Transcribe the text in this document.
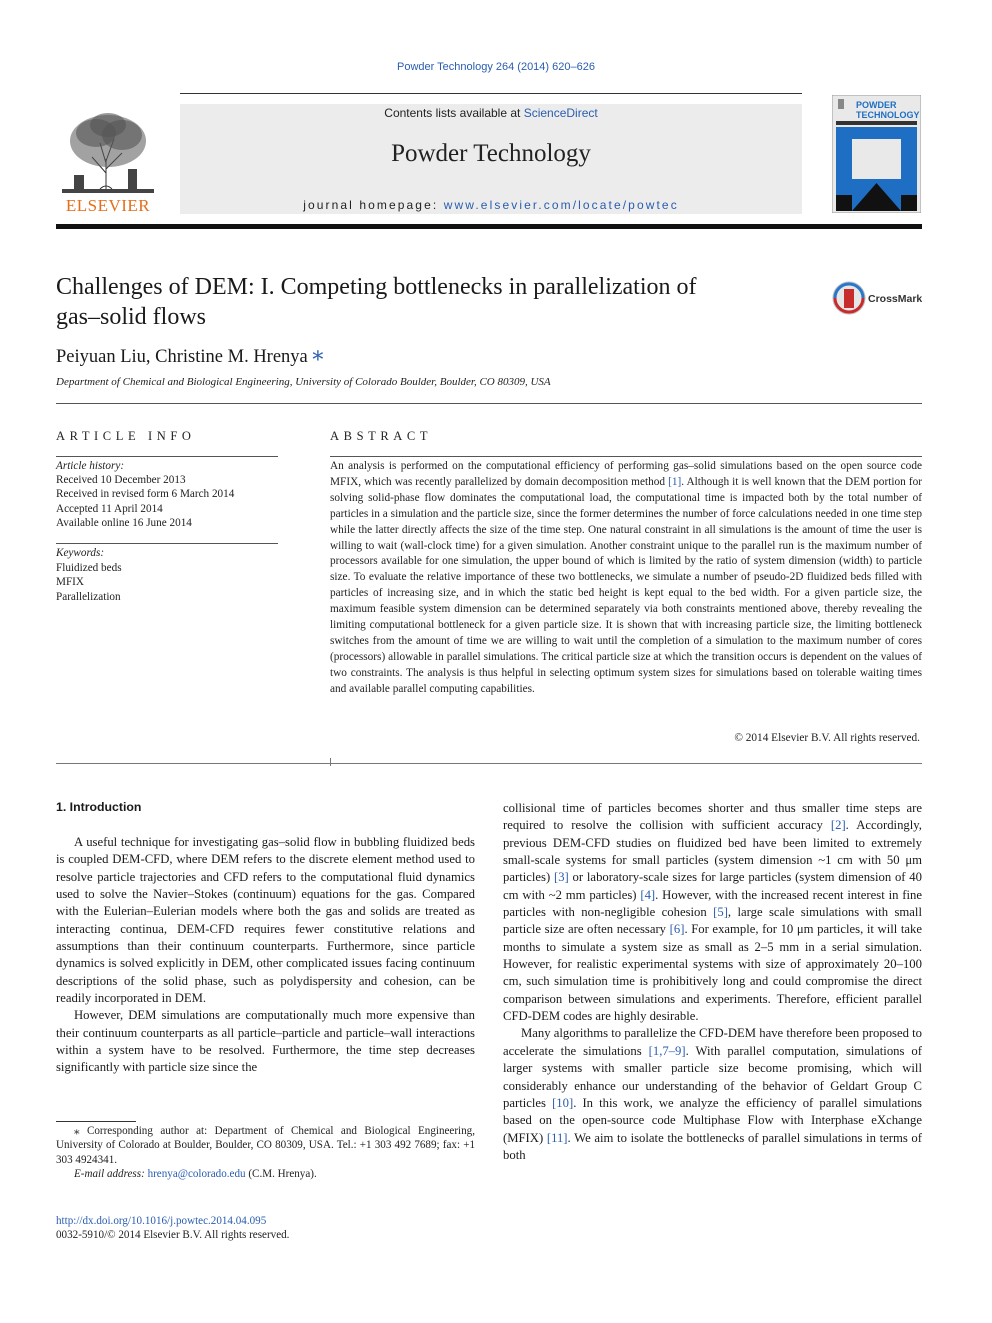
Powder Technology 264 (2014) 620–626
Contents lists available at ScienceDirect
Powder Technology
journal homepage: www.elsevier.com/locate/powtec
ELSEVIER
POWDER
TECHNOLOGY
Challenges of DEM: I. Competing bottlenecks in parallelization of
gas–solid flows
CrossMark
Peiyuan Liu, Christine M. Hrenya ⁎
Department of Chemical and Biological Engineering, University of Colorado Boulder, Boulder, CO 80309, USA
ARTICLE INFO
Article history:
Received 10 December 2013
Received in revised form 6 March 2014
Accepted 11 April 2014
Available online 16 June 2014
Keywords:
Fluidized beds
MFIX
Parallelization
ABSTRACT
An analysis is performed on the computational efficiency of performing gas–solid simulations based on the open source code MFIX, which was recently parallelized by domain decomposition method [1]. Although it is well known that the DEM portion for solving solid-phase flow dominates the computational load, the computational time is impacted both by the total number of particles in a simulation and the particle size, since the former determines the number of force calculations needed in one time step while the latter directly affects the size of the time step. One natural constraint in all simulations is the amount of time the user is willing to wait (wall-clock time) for a given simulation. Another constraint unique to the parallel run is the maximum number of processors available for one simulation, the upper bound of which is limited by the ratio of system dimension (width) to particle size. To evaluate the relative importance of these two bottlenecks, we simulate a number of pseudo-2D fluidized beds filled with particles of increasing size, and in which the static bed height is kept equal to the bed width. For a given particle size, the maximum feasible system dimension can be determined separately via both constraints mentioned above, thereby revealing the limiting computational bottleneck for a given particle size. It is shown that with increasing particle size, the limiting bottleneck switches from the amount of time we are willing to wait until the completion of a simulation to the maximum number of cores (processors) allowable in parallel simulations. The critical particle size at which the transition occurs is dependent on the values of two constraints. The analysis is thus helpful in selecting optimum system sizes for simulations based on tolerable waiting times and available parallel computing capabilities.
© 2014 Elsevier B.V. All rights reserved.
1. Introduction

A useful technique for investigating gas–solid flow in bubbling fluidized beds is coupled DEM-CFD, where DEM refers to the discrete element method used to resolve particle trajectories and CFD refers to the computational fluid dynamics used to solve the Navier–Stokes (continuum) equations for the gas. Compared with the Eulerian–Eulerian models where both the gas and solids are treated as interacting continua, DEM-CFD requires fewer constitutive relations and assumptions than their continuum counterparts. Furthermore, since particle dynamics is solved explicitly in DEM, other complicated issues facing continuum descriptions of the solid phase, such as polydispersity and cohesion, can be readily incorporated in DEM.

However, DEM simulations are computationally much more expensive than their continuum counterparts as all particle–particle and particle–wall interactions within a system have to be resolved. Furthermore, the time step decreases significantly with particle size since the

collisional time of particles becomes shorter and thus smaller time steps are required to resolve the collision with sufficient accuracy [2]. Accordingly, previous DEM-CFD studies on fluidized bed have been limited to extremely small-scale systems for small particles (system dimension ~1 cm with 50 μm particles) [3] or laboratory-scale sizes for large particles (system dimension of 40 cm with ~2 mm particles) [4]. However, with the increased recent interest in fine particles with non-negligible cohesion [5], large scale simulations with small particle size are often necessary [6]. For example, for 10 μm particles, it will take months to simulate a system size as small as 2–5 mm in a serial simulation. However, for realistic experimental systems with size of approximately 20–100 cm, such simulation time is prohibitively long and could compromise the direct comparison between simulations and experiments. Therefore, efficient parallel CFD-DEM codes are highly desirable.

Many algorithms to parallelize the CFD-DEM have therefore been proposed to accelerate the simulations [1,7–9]. With parallel computation, simulations of larger systems with smaller particle size become promising, which will considerably enhance our understanding of the behavior of Geldart Group C particles [10]. In this work, we analyze the efficiency of parallel simulations based on the open-source code Multiphase Flow with Interphase eXchange (MFIX) [11]. We aim to isolate the bottlenecks of parallel simulations in terms of both

⁎ Corresponding author at: Department of Chemical and Biological Engineering, University of Colorado at Boulder, Boulder, CO 80309, USA. Tel.: +1 303 492 7689; fax: +1 303 4924341.
E-mail address: hrenya@colorado.edu (C.M. Hrenya).
http://dx.doi.org/10.1016/j.powtec.2014.04.095
0032-5910/© 2014 Elsevier B.V. All rights reserved.
